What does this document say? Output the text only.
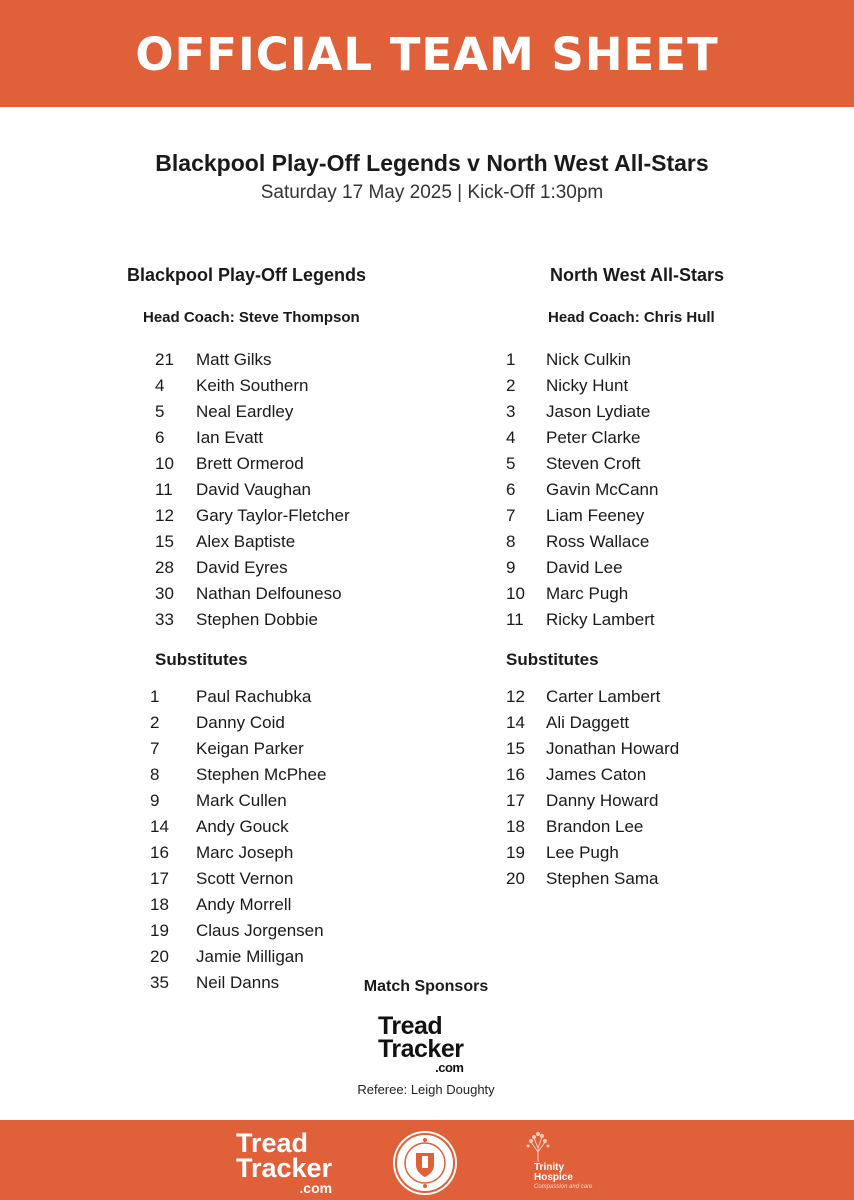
OFFICIAL TEAM SHEET
Blackpool Play-Off Legends v North West All-Stars
Saturday 17 May 2025 | Kick-Off 1:30pm
Blackpool Play-Off Legends
Head Coach: Steve Thompson
Substitutes
North West All-Stars
Head Coach: Chris Hull
Substitutes
21 Matt Gilks
4 Keith Southern
5 Neal Eardley
6 Ian Evatt
10 Brett Ormerod
11 David Vaughan
12 Gary Taylor-Fletcher
15 Alex Baptiste
28 David Eyres
30 Nathan Delfouneso
33 Stephen Dobbie
1 Paul Rachubka
2 Danny Coid
7 Keigan Parker
8 Stephen McPhee
9 Mark Cullen
14 Andy Gouck
16 Marc Joseph
17 Scott Vernon
18 Andy Morrell
19 Claus Jorgensen
20 Jamie Milligan
35 Neil Danns
1 Nick Culkin
2 Nicky Hunt
3 Jason Lydiate
4 Peter Clarke
5 Steven Croft
6 Gavin McCann
7 Liam Feeney
8 Ross Wallace
9 David Lee
10 Marc Pugh
11 Ricky Lambert
12 Carter Lambert
14 Ali Daggett
15 Jonathan Howard
16 James Caton
17 Danny Howard
18 Brandon Lee
19 Lee Pugh
20 Stephen Sama
Match Sponsors
Tread
Tracker
.com
Referee: Leigh Doughty
Tread
Tracker
.com
Trinity
Hospice
Compassion and care
